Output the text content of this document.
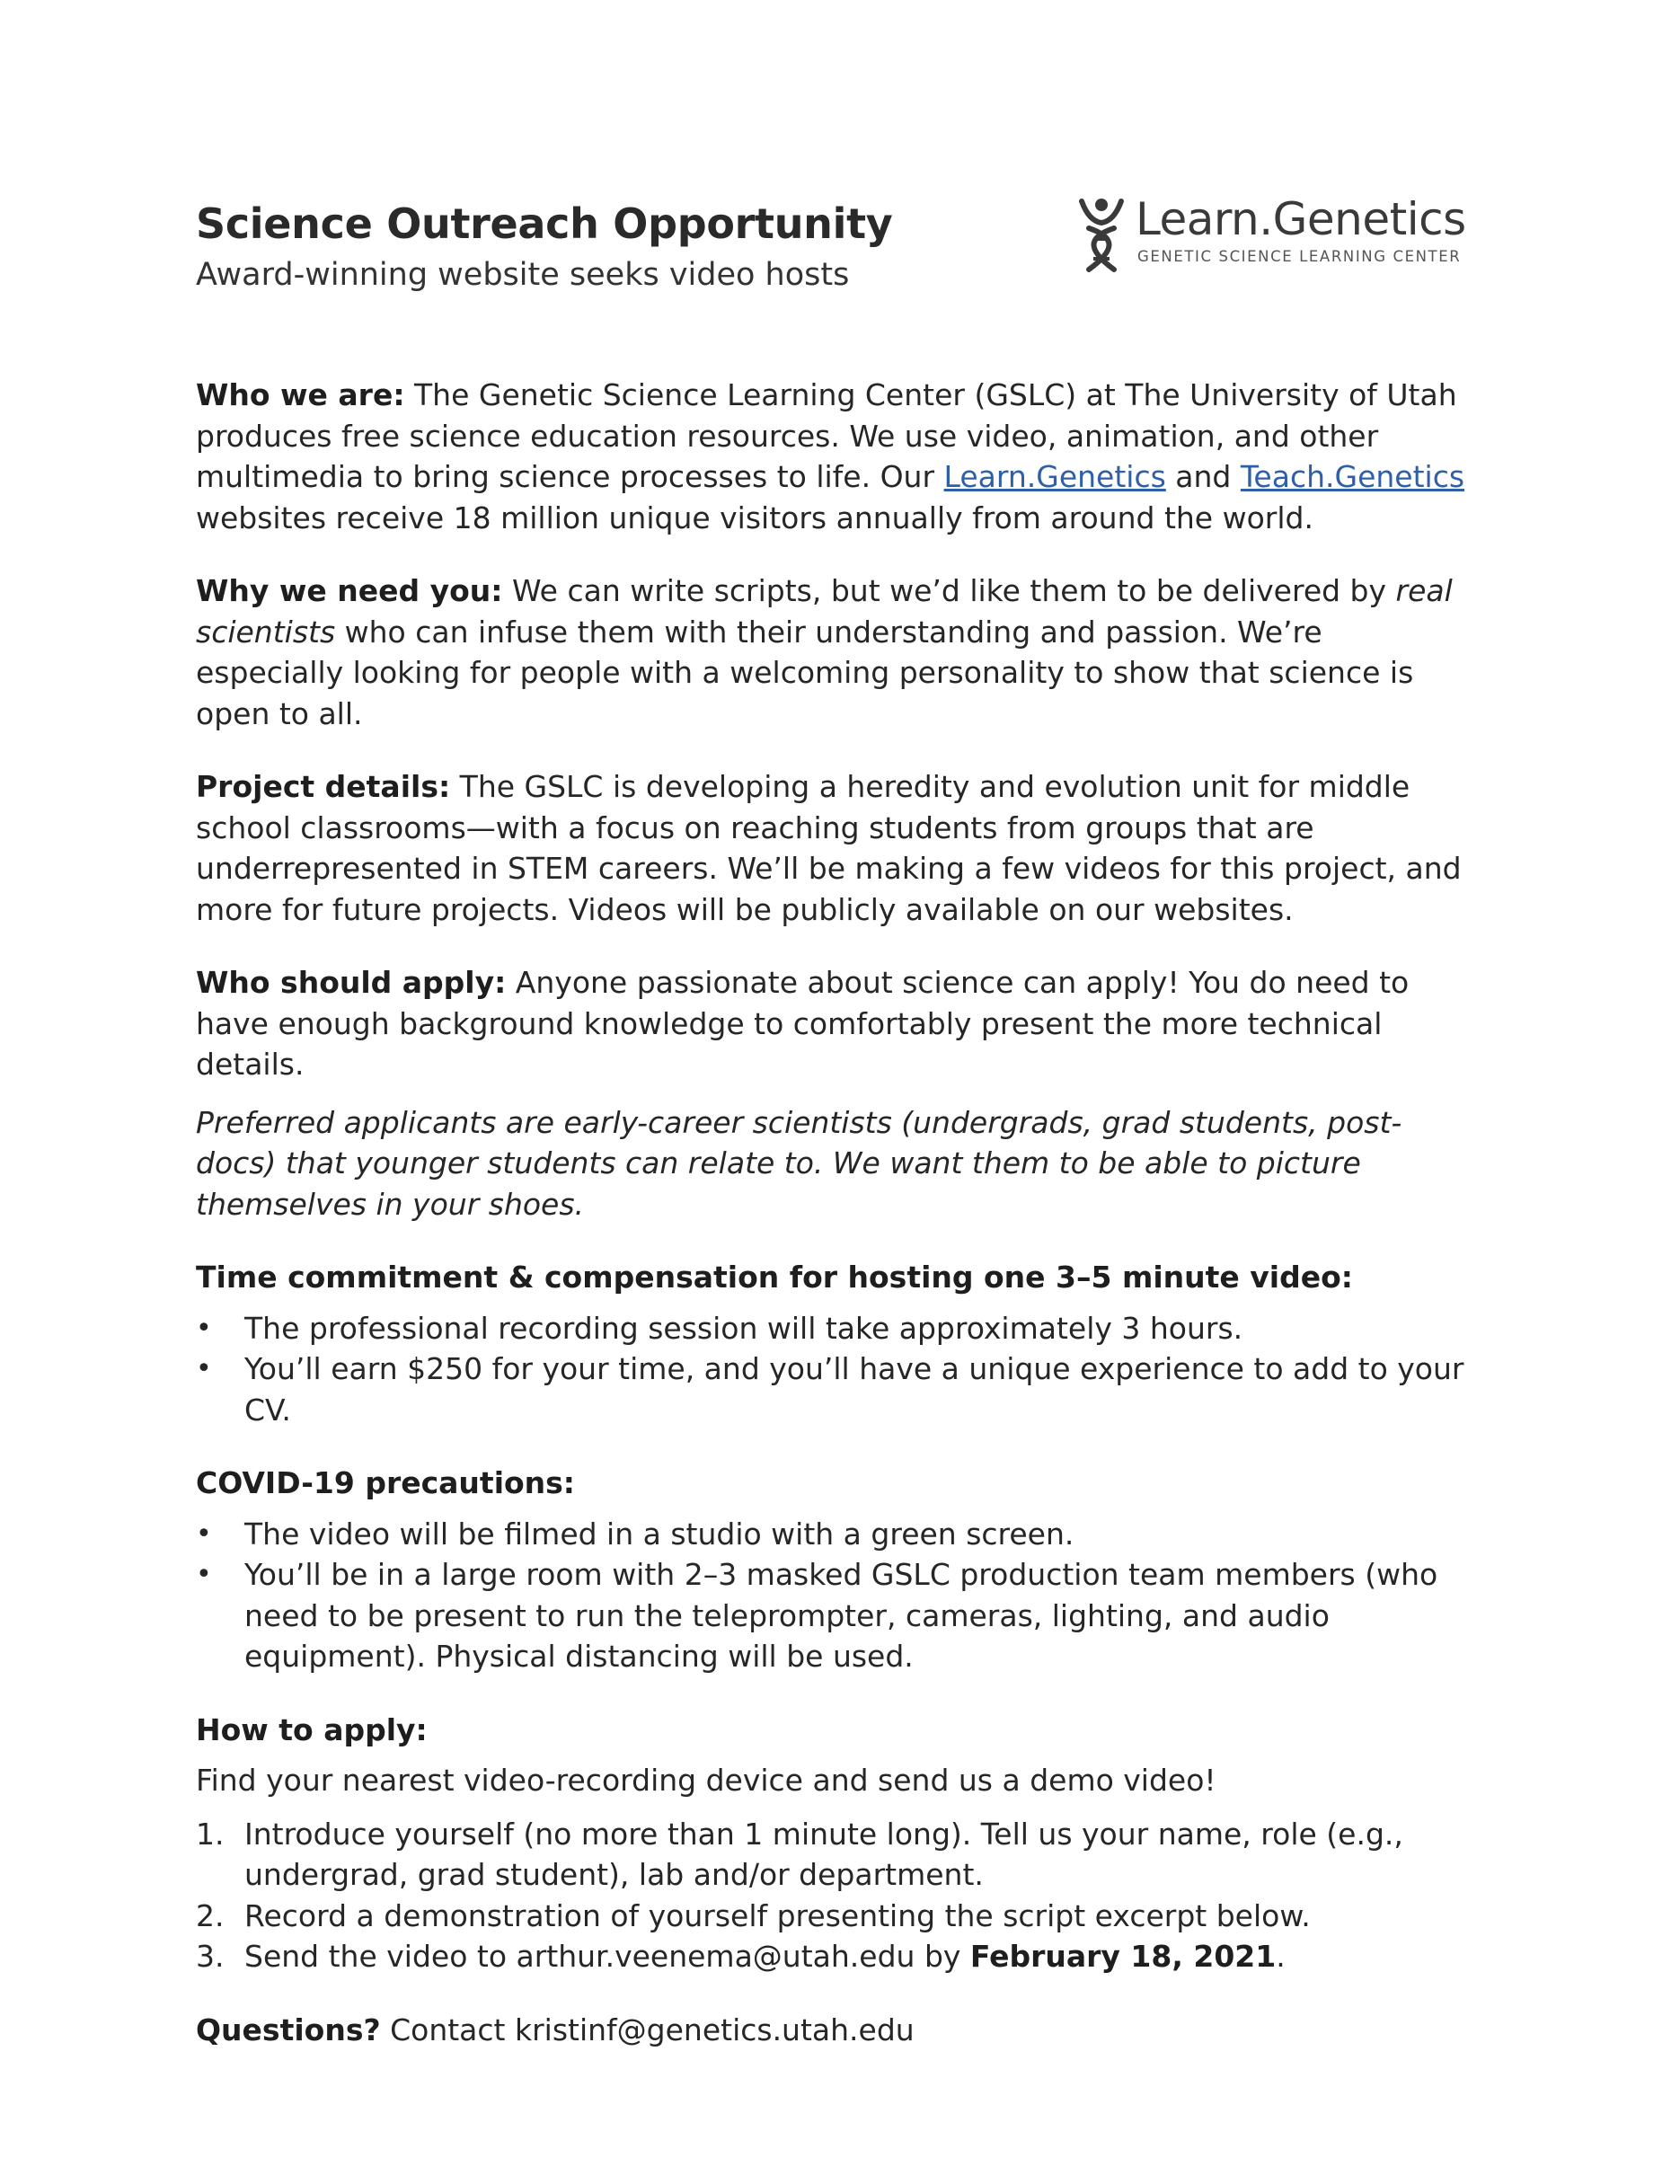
Science Outreach Opportunity

Award-winning website seeks video hosts

Learn.Genetics
GENETIC SCIENCE LEARNING CENTER

Who we are: The Genetic Science Learning Center (GSLC) at The University of Utah produces free science education resources. We use video, animation, and other multimedia to bring science processes to life. Our Learn.Genetics and Teach.Genetics websites receive 18 million unique visitors annually from around the world.

Why we need you: We can write scripts, but we’d like them to be delivered by real scientists who can infuse them with their understanding and passion. We’re especially looking for people with a welcoming personality to show that science is open to all.

Project details: The GSLC is developing a heredity and evolution unit for middle school classrooms—with a focus on reaching students from groups that are underrepresented in STEM careers. We’ll be making a few videos for this project, and more for future projects. Videos will be publicly available on our websites.

Who should apply: Anyone passionate about science can apply! You do need to have enough background knowledge to comfortably present the more technical details.

Preferred applicants are early-career scientists (undergrads, grad students, post-docs) that younger students can relate to. We want them to be able to picture themselves in your shoes.

Time commitment & compensation for hosting one 3–5 minute video:

• The professional recording session will take approximately 3 hours.
• You’ll earn $250 for your time, and you’ll have a unique experience to add to your CV.

COVID-19 precautions:

• The video will be filmed in a studio with a green screen.
• You’ll be in a large room with 2–3 masked GSLC production team members (who need to be present to run the teleprompter, cameras, lighting, and audio equipment). Physical distancing will be used.

How to apply:

Find your nearest video-recording device and send us a demo video!

1. Introduce yourself (no more than 1 minute long). Tell us your name, role (e.g., undergrad, grad student), lab and/or department.
2. Record a demonstration of yourself presenting the script excerpt below.
3. Send the video to arthur.veenema@utah.edu by February 18, 2021.

Questions? Contact kristinf@genetics.utah.edu
